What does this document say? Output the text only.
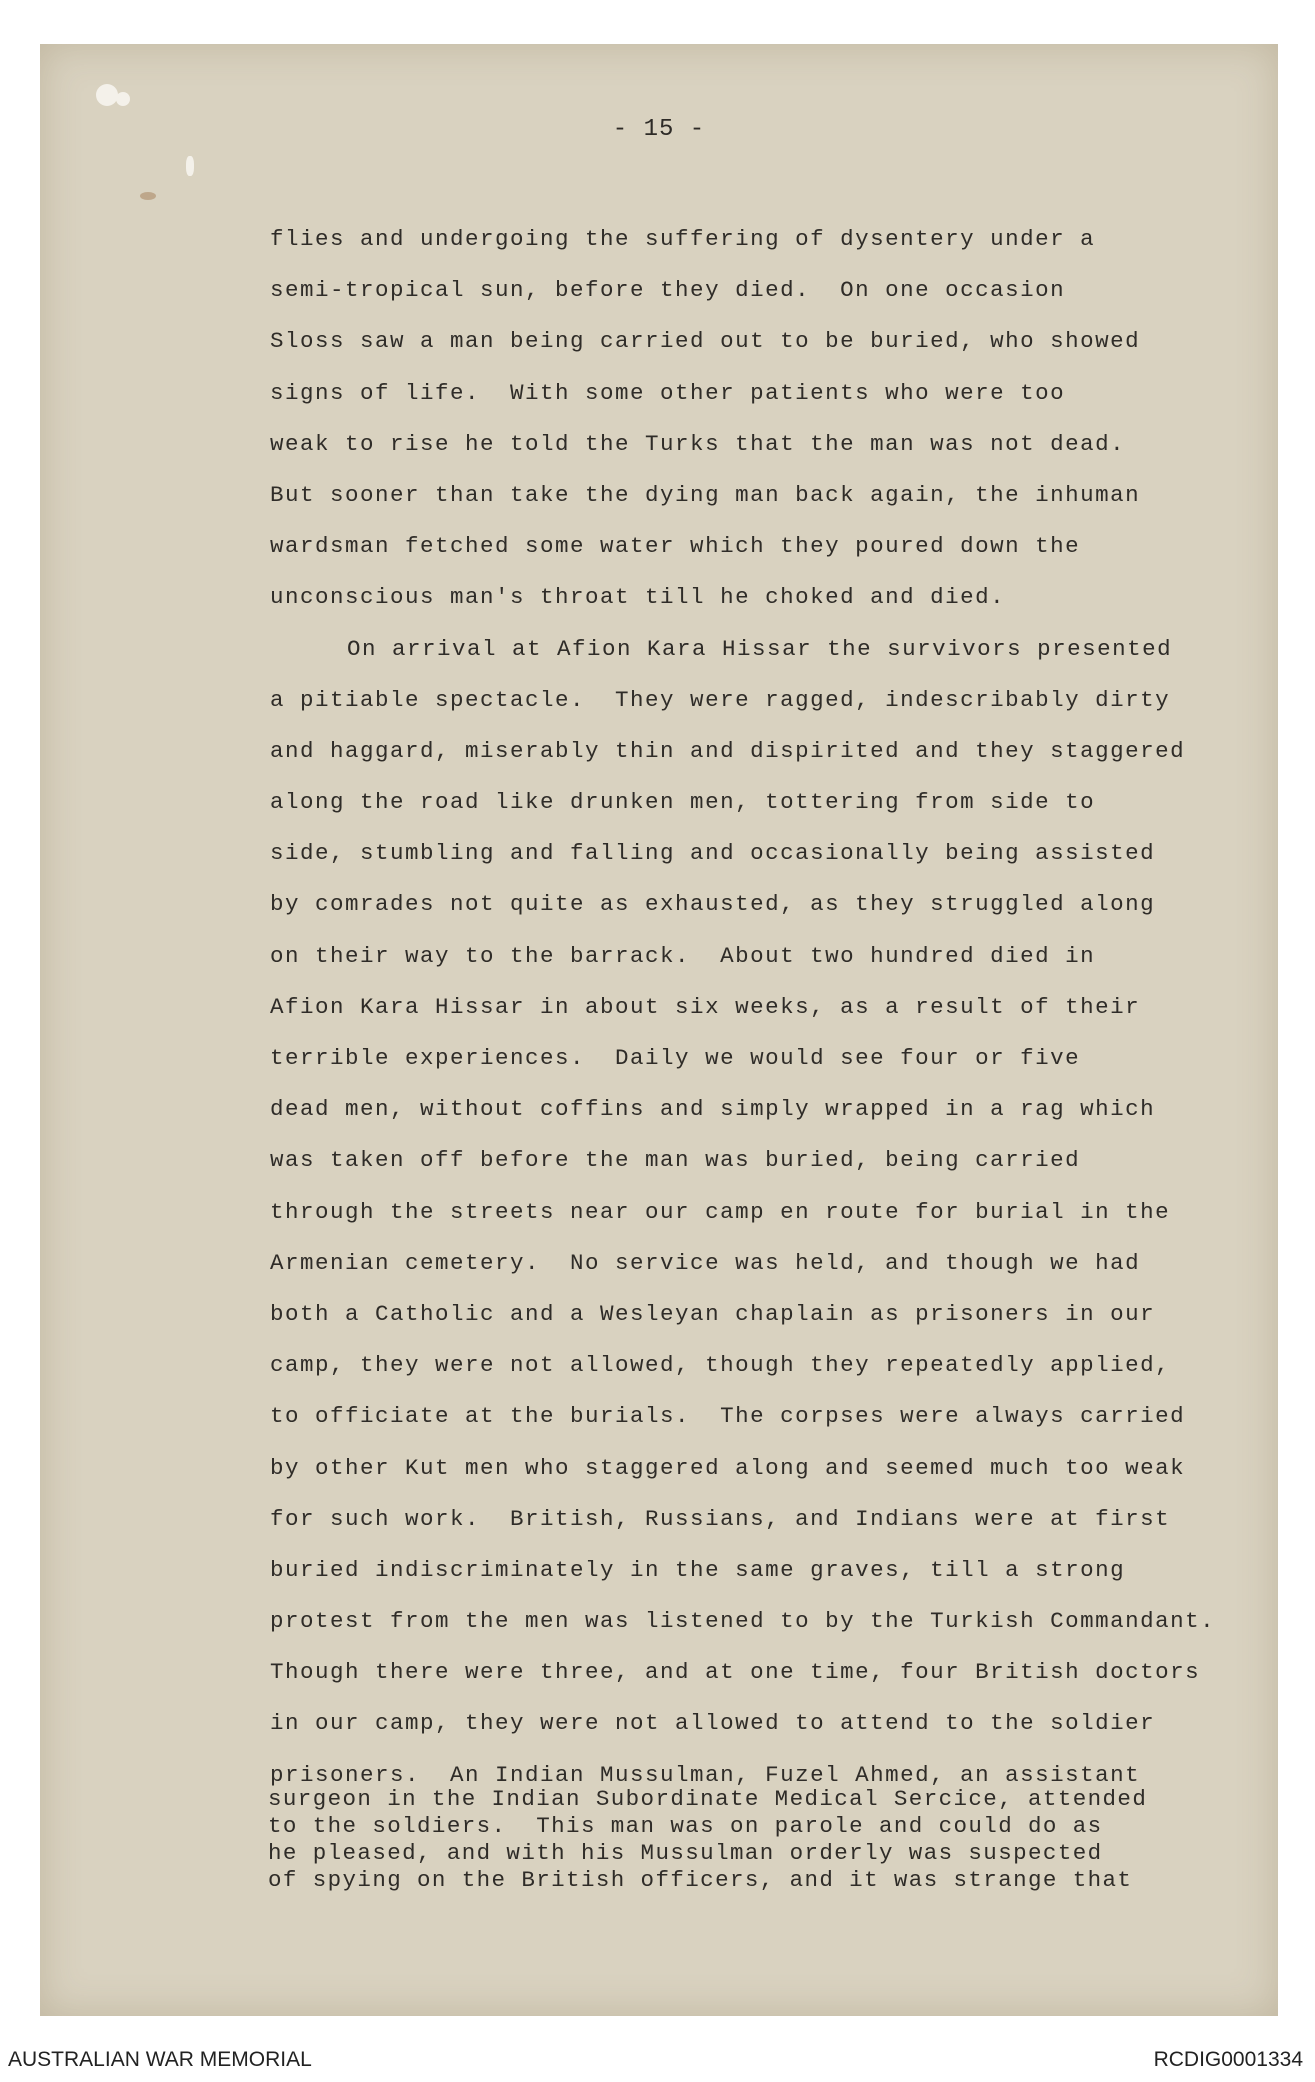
- 15 -
flies and undergoing the suffering of dysentery under a
semi-tropical sun, before they died.  On one occasion
Sloss saw a man being carried out to be buried, who showed
signs of life.  With some other patients who were too
weak to rise he told the Turks that the man was not dead.
But sooner than take the dying man back again, the inhuman
wardsman fetched some water which they poured down the
unconscious man's throat till he choked and died.
On arrival at Afion Kara Hissar the survivors presented
a pitiable spectacle.  They were ragged, indescribably dirty
and haggard, miserably thin and dispirited and they staggered
along the road like drunken men, tottering from side to
side, stumbling and falling and occasionally being assisted
by comrades not quite as exhausted, as they struggled along
on their way to the barrack.  About two hundred died in
Afion Kara Hissar in about six weeks, as a result of their
terrible experiences.  Daily we would see four or five
dead men, without coffins and simply wrapped in a rag which
was taken off before the man was buried, being carried
through the streets near our camp en route for burial in the
Armenian cemetery.  No service was held, and though we had
both a Catholic and a Wesleyan chaplain as prisoners in our
camp, they were not allowed, though they repeatedly applied,
to officiate at the burials.  The corpses were always carried
by other Kut men who staggered along and seemed much too weak
for such work.  British, Russians, and Indians were at first
buried indiscriminately in the same graves, till a strong
protest from the men was listened to by the Turkish Commandant.
Though there were three, and at one time, four British doctors
in our camp, they were not allowed to attend to the soldier
prisoners.  An Indian Mussulman, Fuzel Ahmed, an assistant
surgeon in the Indian Subordinate Medical Sercice, attended
to the soldiers.  This man was on parole and could do as
he pleased, and with his Mussulman orderly was suspected
of spying on the British officers, and it was strange that
AUSTRALIAN WAR MEMORIAL	RCDIG0001334
